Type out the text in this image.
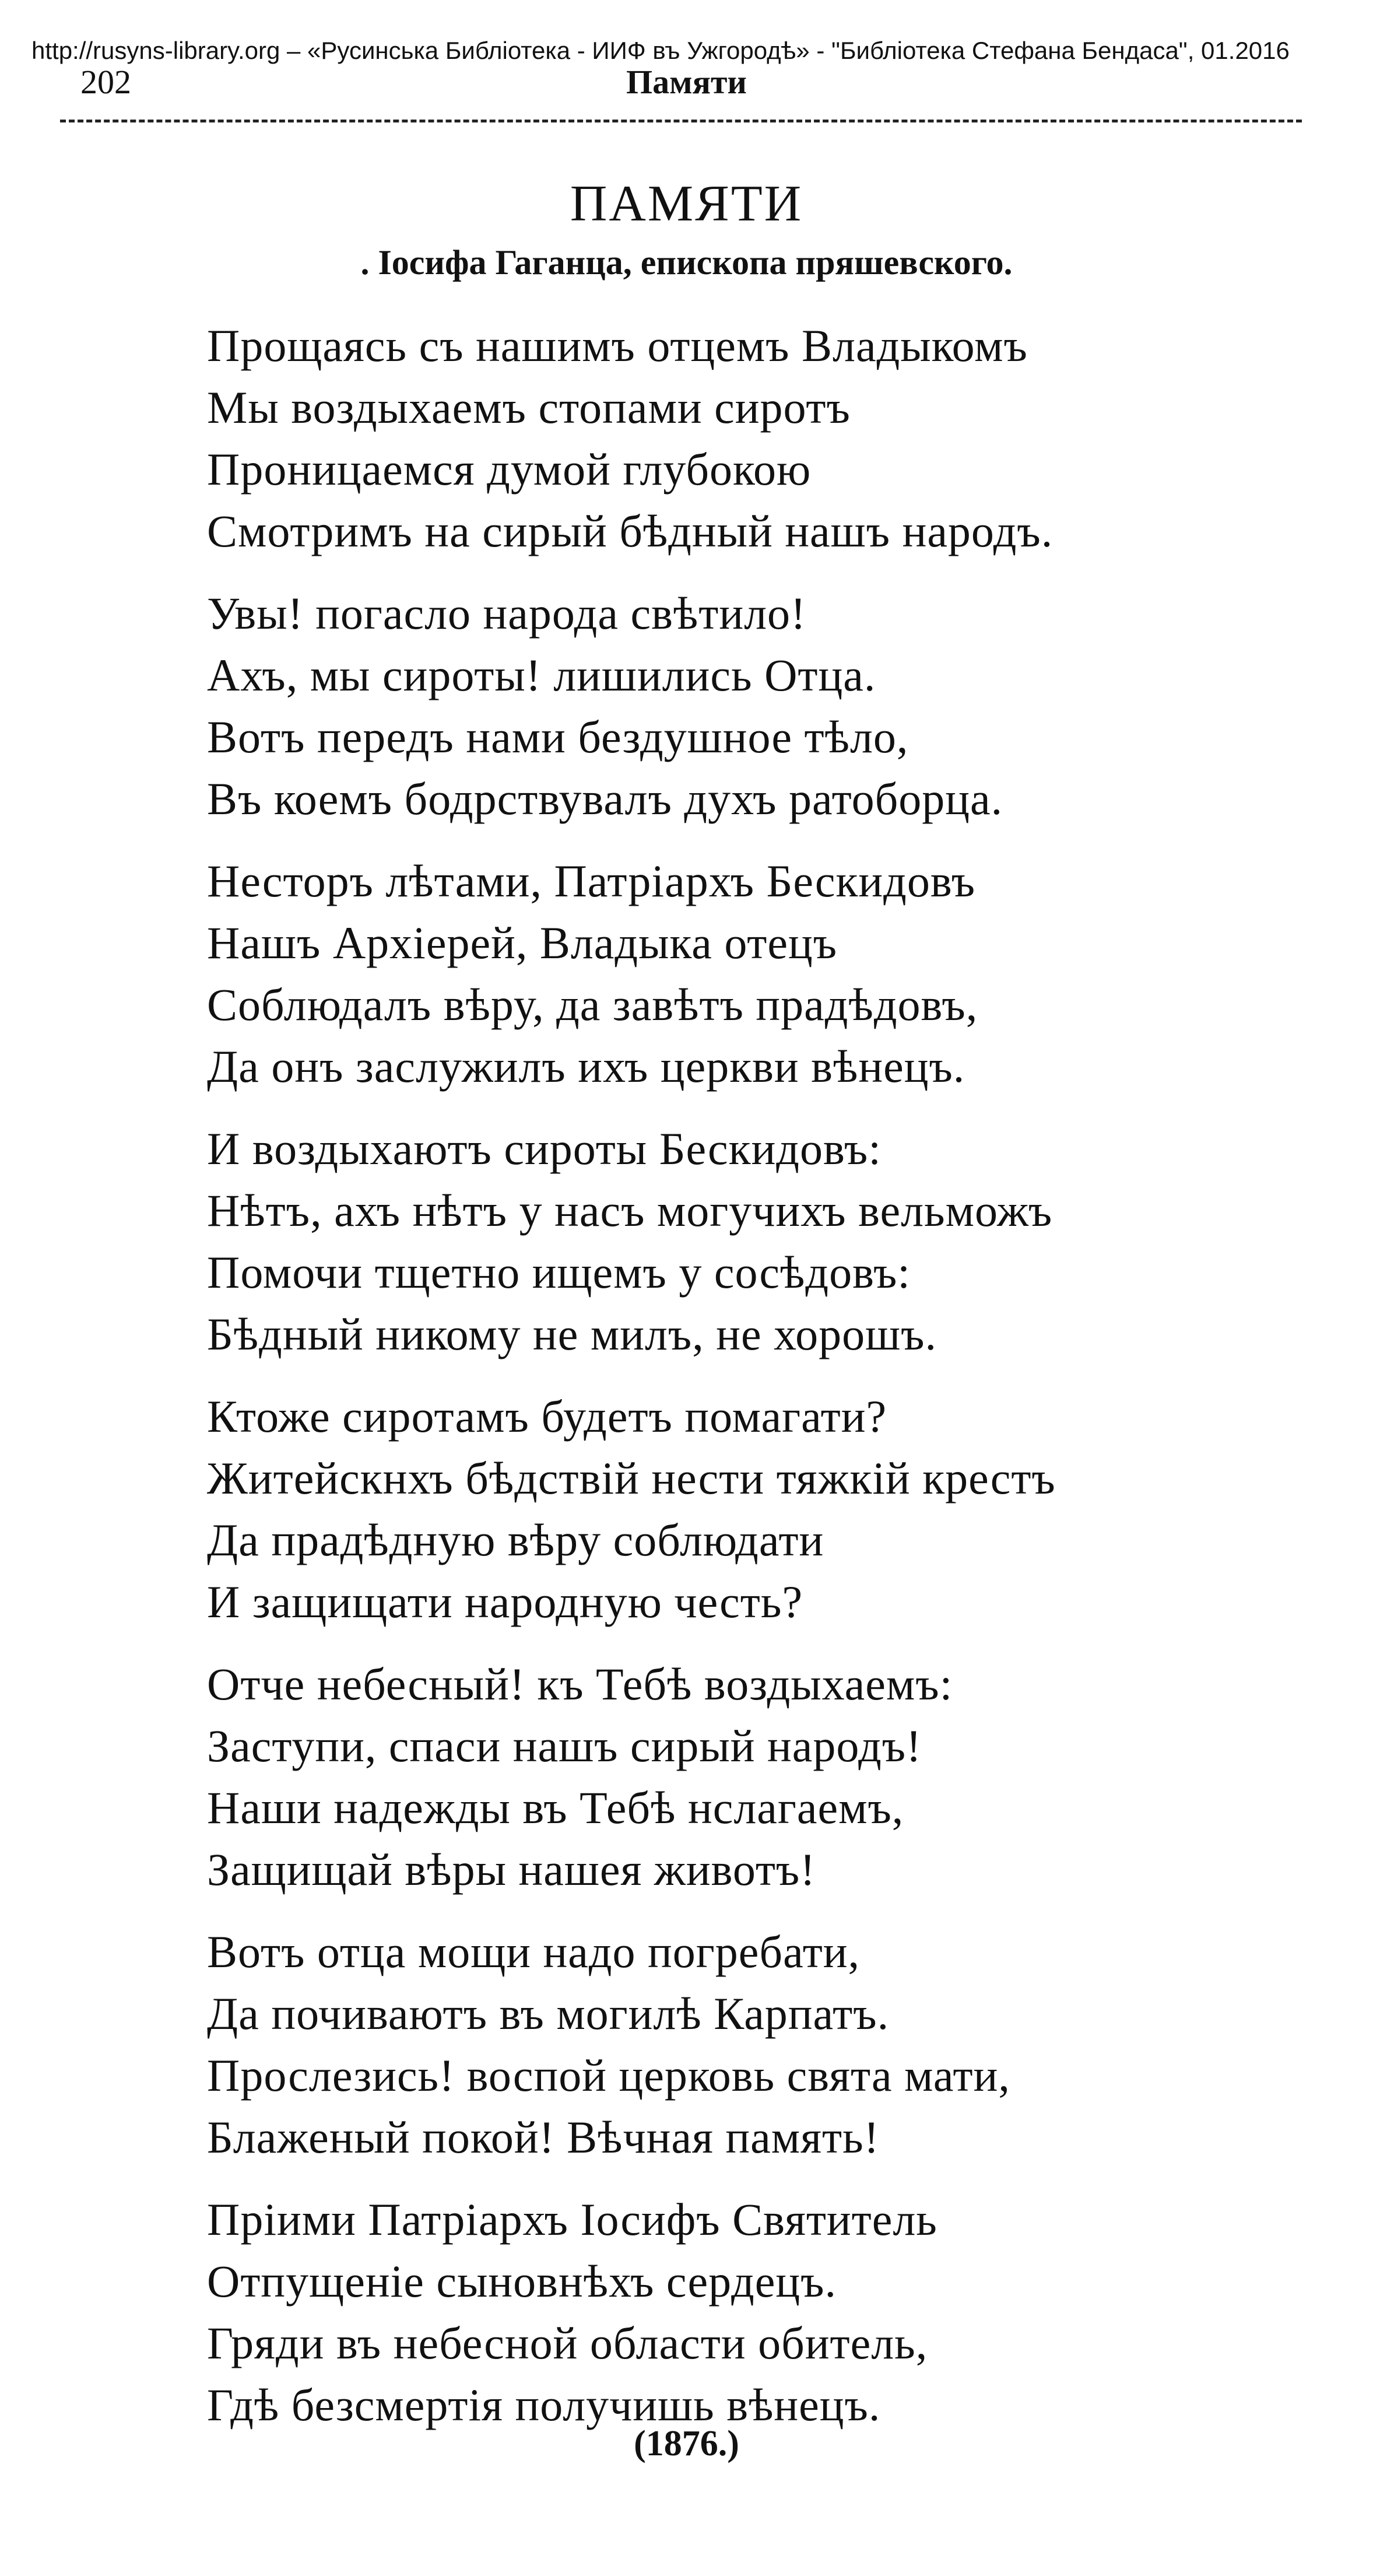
http://rusyns-library.org – «Русинська Библіотека - ИИФ въ Ужгородѣ» - "Библіотека Стефана Бендаса", 01.2016
202	Памяти
ПАМЯТИ
. Іосифа Гаганца, епископа пряшевского.
Прощаясь съ нашимъ отцемъ Владыкомъ
Мы воздыхаемъ стопами сиротъ
Проницаемся думой глубокою
Смотримъ на сирый бѣдный нашъ народъ.
Увы! погасло народа свѣтило!
Ахъ, мы сироты! лишились Отца.
Вотъ передъ нами бездушное тѣло,
Въ коемъ бодрствувалъ духъ ратоборца.
Несторъ лѣтами, Патріархъ Бескидовъ
Нашъ Архіерей, Владыка отецъ
Соблюдалъ вѣру, да завѣтъ прадѣдовъ,
Да онъ заслужилъ ихъ церкви вѣнецъ.
И воздыхаютъ сироты Бескидовъ:
Нѣтъ, ахъ нѣтъ у насъ могучихъ вельможъ
Помочи тщетно ищемъ у сосѣдовъ:
Бѣдный никому не милъ, не хорошъ.
Ктоже сиротамъ будетъ помагати?
Житейскнхъ бѣдствій нести тяжкій крестъ
Да прадѣдную вѣру соблюдати
И защищати народную честь?
Отче небесный! къ Тебѣ воздыхаемъ:
Заступи, спаси нашъ сирый народъ!
Наши надежды въ Тебѣ нслагаемъ,
Защищай вѣры нашея животъ!
Вотъ отца мощи надо погребати,
Да почиваютъ въ могилѣ Карпатъ.
Прослезись! воспой церковь свята мати,
Блаженый покой! Вѣчная память!
Пріими Патріархъ Іосифъ Святитель
Отпущеніе сыновнѣхъ сердецъ.
Гряди въ небесной области обитель,
Гдѣ безсмертія получишь вѣнецъ.
(1876.)
